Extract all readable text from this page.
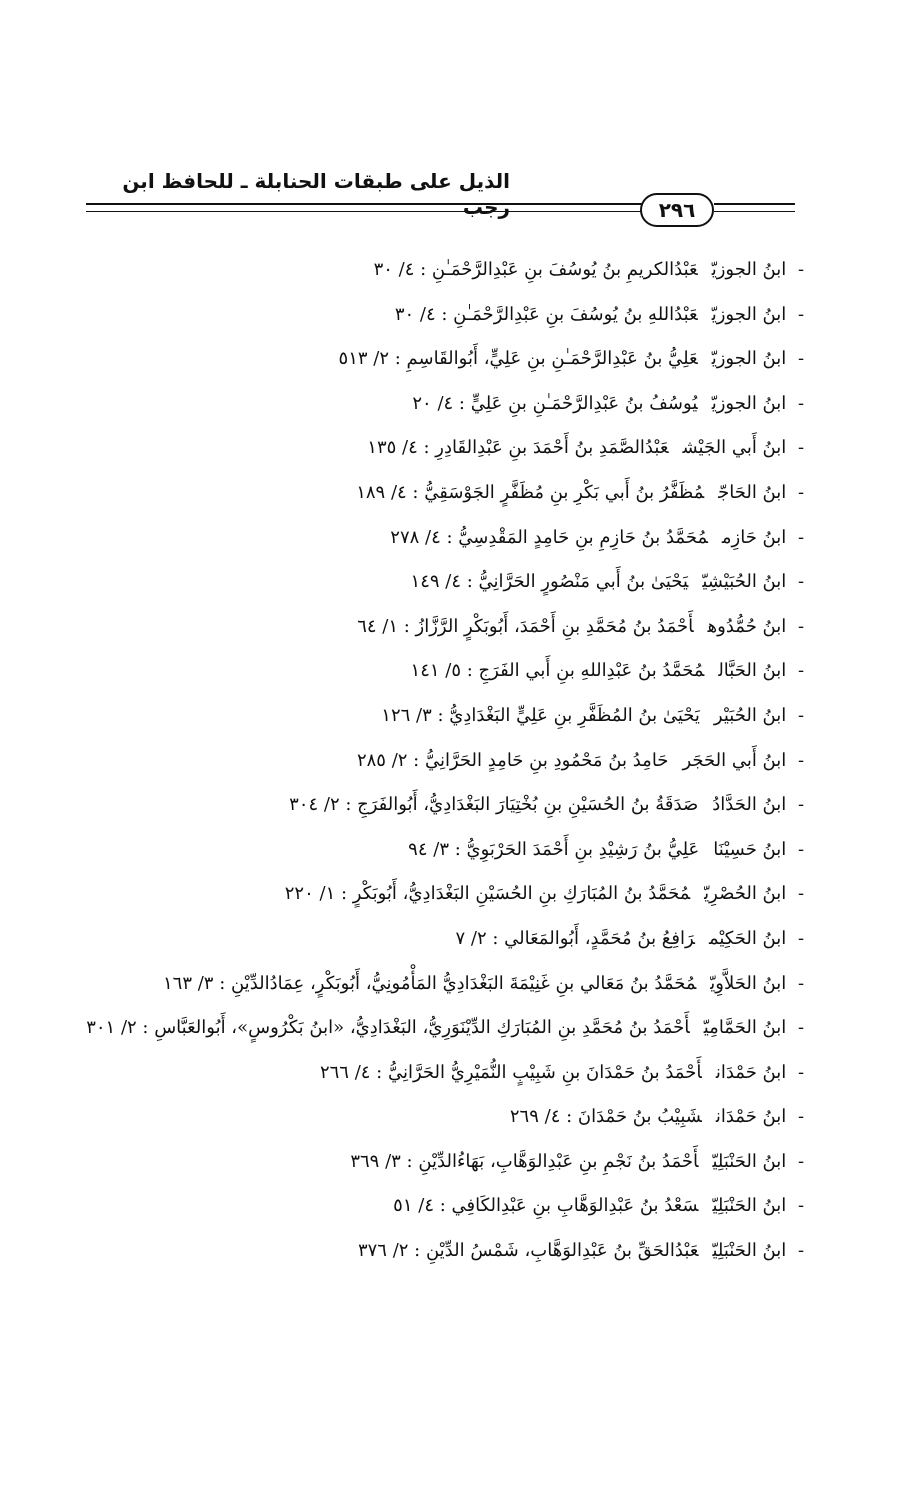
الذيل على طبقات الحنابلة ـ للحافظ ابن رجب	٢٩٦
- ابنُ الجوزيّعَبْدُالكريمِ بنُ يُوسُفَ بنِ عَبْدِالرَّحْمَـٰنِ : ٤/ ٣٠
- ابنُ الجوزيّعَبْدُاللهِ بنُ يُوسُفَ بنِ عَبْدِالرَّحْمَـٰنِ : ٤/ ٣٠
- ابنُ الجوزيّعَلِيُّ بنُ عَبْدِالرَّحْمَـٰنِ بنِ عَلِيٍّ، أَبُوالقَاسِمِ : ٢/ ٥١٣
- ابنُ الجوزيّيُوسُفُ بنُ عَبْدِالرَّحْمَـٰنِ بنِ عَلِيٍّ : ٤/ ٢٠
- ابنُ أَبي الجَيْشعَبْدُالصَّمَدِ بنُ أَحْمَدَ بنِ عَبْدِالقَادِرِ : ٤/ ١٣٥
- ابنُ الحَاجّمُظَفَّرُ بنُ أَبي بَكْرِ بنِ مُظَفَّرٍ الجَوْسَقِيُّ : ٤/ ١٨٩
- ابنُ حَازِممُحَمَّدُ بنُ حَازِمِ بنِ حَامِدٍ المَقْدِسِيُّ : ٤/ ٢٧٨
- ابنُ الحُبَيْشِيّيَحْيَىٰ بنُ أَبي مَنْصُورٍ الحَرَّانِيُّ : ٤/ ١٤٩
- ابنُ حُمُّدُوهأَحْمَدُ بنُ مُحَمَّدِ بنِ أَحْمَدَ، أَبُوبَكْرٍ الرَّزَّازُ : ١/ ٦٤
- ابنُ الحَبَّالمُحَمَّدُ بنُ عَبْدِاللهِ بنِ أَبي الفَرَجِ : ٥/ ١٤١
- ابنُ الحُبَيْريَحْيَىٰ بنُ المُظَفَّرِ بنِ عَلِيٍّ البَغْدَادِيُّ : ٣/ ١٢٦
- ابنُ أَبي الحَجَرحَامِدُ بنُ مَحْمُودِ بنِ حَامِدٍ الحَرَّانِيُّ : ٢/ ٢٨٥
- ابنُ الحَدَّادُصَدَقَةُ بنُ الحُسَيْنِ بنِ بُخْتِيَارَ البَغْدَادِيُّ، أَبُوالفَرَجِ : ٢/ ٣٠٤
- ابنُ حَسِيْنَاعَلِيُّ بنُ رَشِيْدِ بنِ أَحْمَدَ الحَرْبَوِيُّ : ٣/ ٩٤
- ابنُ الحُصْرِيّمُحَمَّدُ بنُ المُبَارَكِ بنِ الحُسَيْنِ البَغْدَادِيُّ، أَبُوبَكْرٍ : ١/ ٢٢٠
- ابنُ الحَكِيْمرَافِعُ بنُ مُحَمَّدٍ، أَبُوالمَعَالي : ٢/ ٧
- ابنُ الحَلاَّوِيّمُحَمَّدُ بنُ مَعَالي بنِ غَنِيْمَةَ البَغْدَادِيُّ المَأْمُونِيُّ، أَبُوبَكْرٍ، عِمَادُالدِّيْنِ : ٣/ ١٦٣
- ابنُ الحَمَّامِيّأَحْمَدُ بنُ مُحَمَّدِ بنِ المُبَارَكِ الدِّيْنَوَرِيُّ، البَغْدَادِيُّ، «ابنُ بَكْرُوسٍ»، أَبُوالعَبَّاسِ : ٢/ ٣٠١
- ابنُ حَمْدَانأَحْمَدُ بنُ حَمْدَانَ بنِ شَبِيْبٍ النُّمَيْرِيُّ الحَرَّانِيُّ : ٤/ ٢٦٦
- ابنُ حَمْدَانشَبِيْبُ بنُ حَمْدَانَ : ٤/ ٢٦٩
- ابنُ الحَنْبَلِيّأَحْمَدُ بنُ نَجْمِ بنِ عَبْدِالوَهَّابِ، بَهَاءُالدِّيْنِ : ٣/ ٣٦٩
- ابنُ الحَنْبَلِيّسَعْدُ بنُ عَبْدِالوَهَّابِ بنِ عَبْدِالكَافِي : ٤/ ٥١
- ابنُ الحَنْبَلِيّعَبْدُالحَقِّ بنُ عَبْدِالوَهَّابِ، شَمْسُ الدِّيْنِ : ٢/ ٣٧٦
